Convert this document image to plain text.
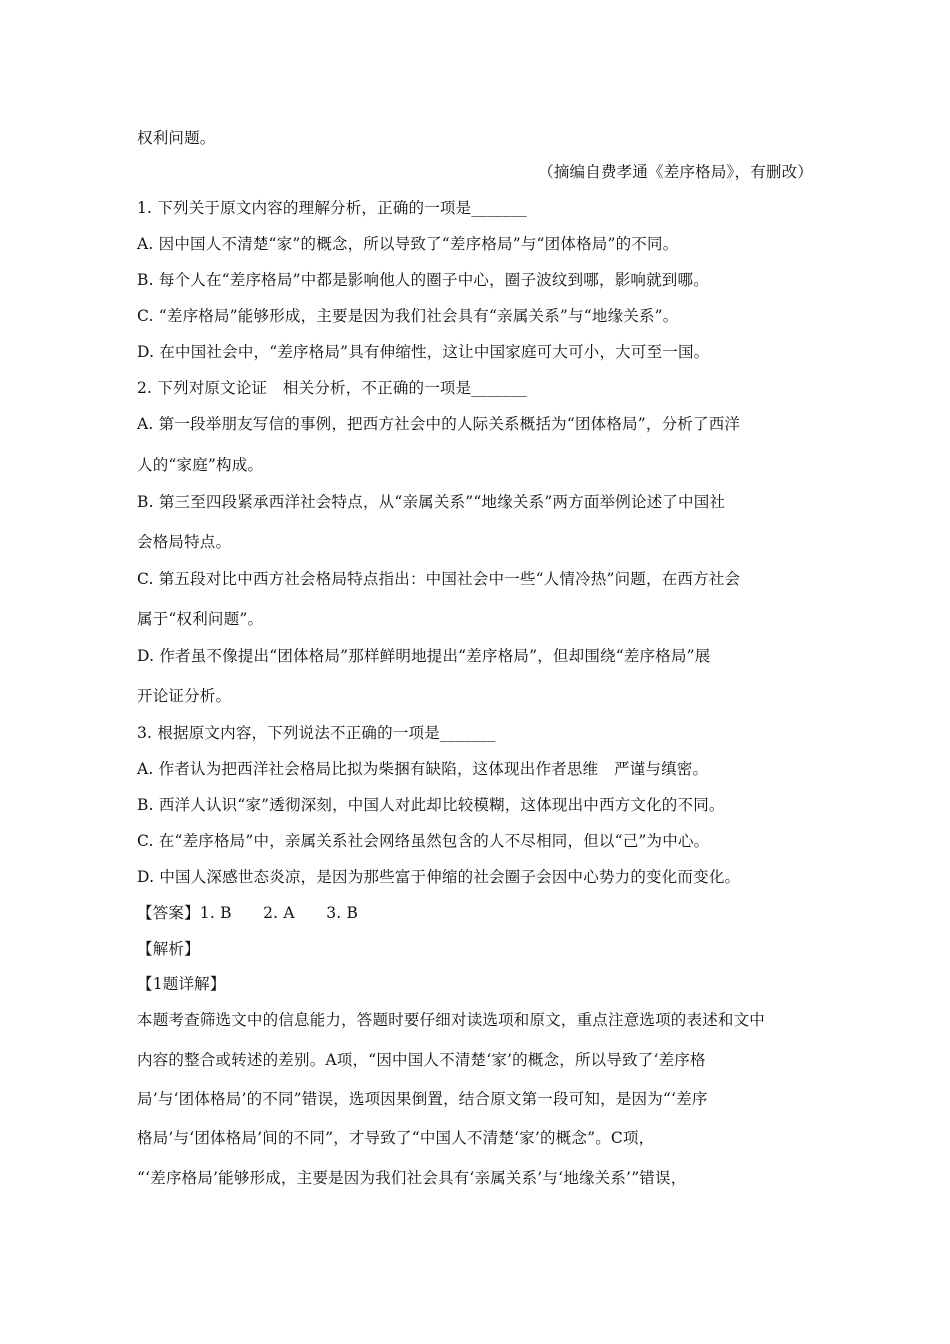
权利问题。
（摘编自费孝通《差序格局》，有删改）
1. 下列关于原文内容的理解分析，正确的一项是_______
A. 因中国人不清楚“家”的概念，所以导致了“差序格局”与“团体格局”的不同。
B. 每个人在“差序格局”中都是影响他人的圈子中心，圈子波纹到哪，影响就到哪。
C. “差序格局”能够形成，主要是因为我们社会具有“亲属关系”与“地缘关系”。
D. 在中国社会中，“差序格局”具有伸缩性，这让中国家庭可大可小，大可至一国。
2. 下列对原文论证　相关分析，不正确的一项是_______
A. 第一段举朋友写信的事例，把西方社会中的人际关系概括为“团体格局”，分析了西洋
人的“家庭”构成。
B. 第三至四段紧承西洋社会特点，从“亲属关系”“地缘关系”两方面举例论述了中国社
会格局特点。
C. 第五段对比中西方社会格局特点指出：中国社会中一些“人情冷热”问题，在西方社会
属于“权利问题”。
D. 作者虽不像提出“团体格局”那样鲜明地提出“差序格局”，但却围绕“差序格局”展
开论证分析。
3. 根据原文内容，下列说法不正确的一项是_______
A. 作者认为把西洋社会格局比拟为柴捆有缺陷，这体现出作者思维　严谨与缜密。
B. 西洋人认识“家”透彻深刻，中国人对此却比较模糊，这体现出中西方文化的不同。
C. 在“差序格局”中，亲属关系社会网络虽然包含的人不尽相同，但以“己”为中心。
D. 中国人深感世态炎凉，是因为那些富于伸缩的社会圈子会因中心势力的变化而变化。
【答案】1. B　　2. A　　3. B
【解析】
【1题详解】
本题考查筛选文中的信息能力，答题时要仔细对读选项和原文，重点注意选项的表述和文中
内容的整合或转述的差别。A项，“因中国人不清楚‘家’的概念，所以导致了‘差序格
局’与‘团体格局’的不同”错误，选项因果倒置，结合原文第一段可知，是因为“‘差序
格局’与‘团体格局’间的不同”，才导致了“中国人不清楚‘家’的概念”。C项，
“‘差序格局’能够形成，主要是因为我们社会具有‘亲属关系’与‘地缘关系’”错误，
